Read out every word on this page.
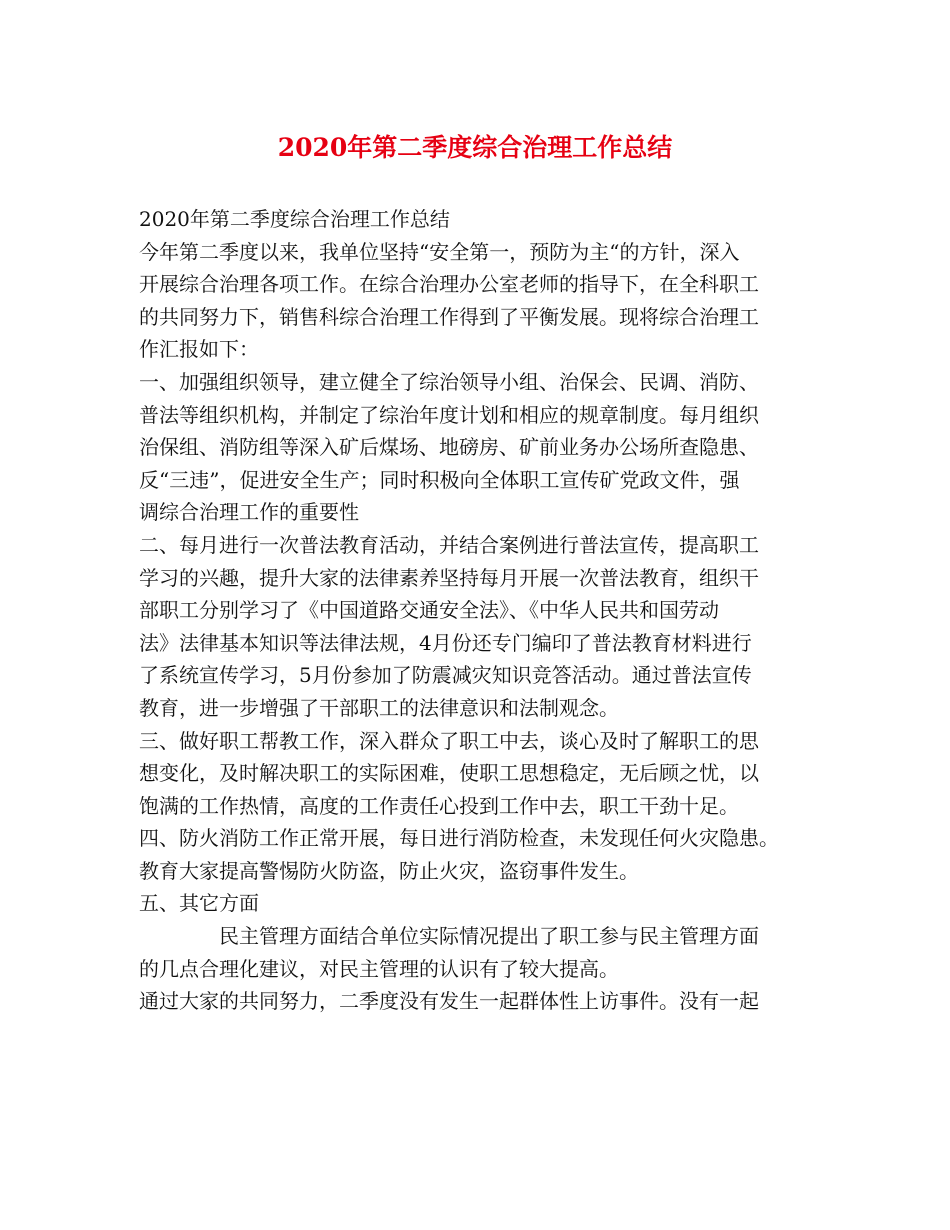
2020年第二季度综合治理工作总结
2020年第二季度综合治理工作总结
今年第二季度以来，我单位坚持“安全第一，预防为主“的方针，深入
开展综合治理各项工作。在综合治理办公室老师的指导下，在全科职工
的共同努力下，销售科综合治理工作得到了平衡发展。现将综合治理工
作汇报如下：
一、加强组织领导，建立健全了综治领导小组、治保会、民调、消防、
普法等组织机构，并制定了综治年度计划和相应的规章制度。每月组织
治保组、消防组等深入矿后煤场、地磅房、矿前业务办公场所查隐患、
反“三违”，促进安全生产；同时积极向全体职工宣传矿党政文件，强
调综合治理工作的重要性
二、每月进行一次普法教育活动，并结合案例进行普法宣传，提高职工
学习的兴趣，提升大家的法律素养坚持每月开展一次普法教育，组织干
部职工分别学习了《中国道路交通安全法》、《中华人民共和国劳动
法》法律基本知识等法律法规，4月份还专门编印了普法教育材料进行
了系统宣传学习，5月份参加了防震减灾知识竞答活动。通过普法宣传
教育，进一步增强了干部职工的法律意识和法制观念。
三、做好职工帮教工作，深入群众了职工中去，谈心及时了解职工的思
想变化，及时解决职工的实际困难，使职工思想稳定，无后顾之忧，以
饱满的工作热情，高度的工作责任心投到工作中去，职工干劲十足。
四、防火消防工作正常开展，每日进行消防检查，未发现任何火灾隐患。
教育大家提高警惕防火防盗，防止火灾，盗窃事件发生。
五、其它方面
民主管理方面结合单位实际情况提出了职工参与民主管理方面
的几点合理化建议，对民主管理的认识有了较大提高。
通过大家的共同努力，二季度没有发生一起群体性上访事件。没有一起
